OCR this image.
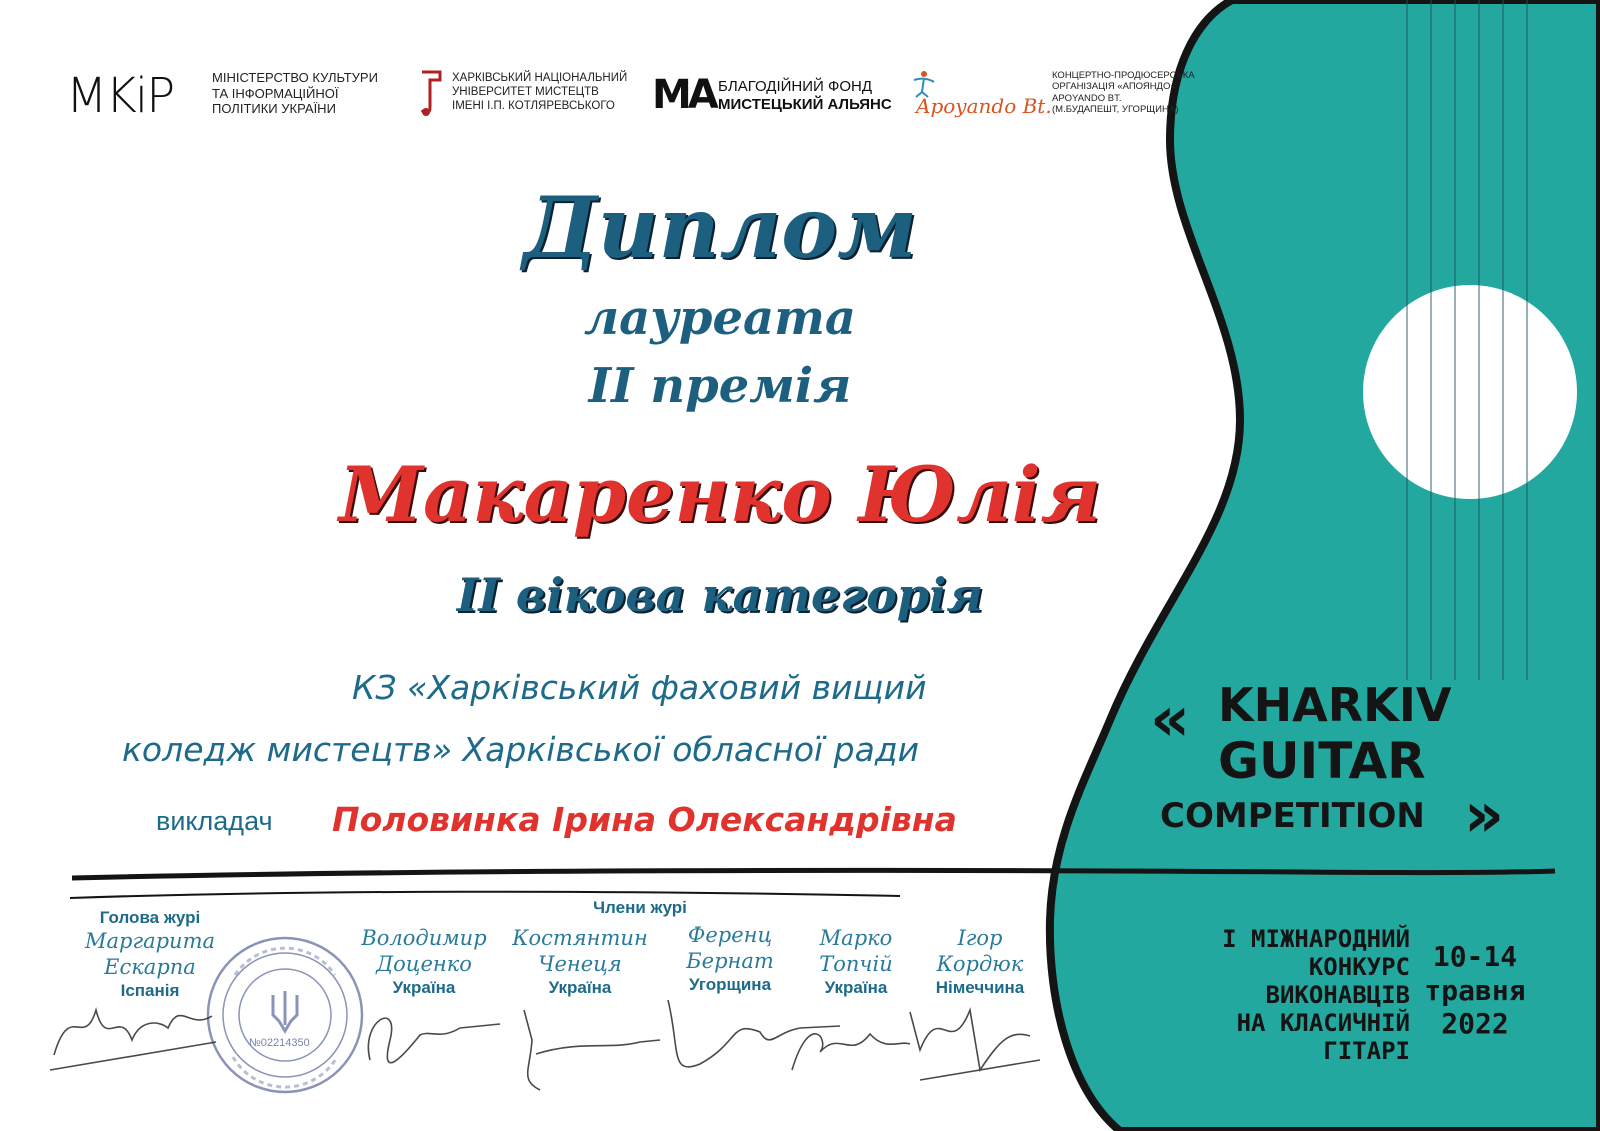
MKiP	МІНІСТЕРСТВО КУЛЬТУРИ
ТА ІНФОРМАЦІЙНОЇ
ПОЛІТИКИ УКРАЇНИ
ХАРКІВСЬКИЙ НАЦІОНАЛЬНИЙ
УНІВЕРСИТЕТ МИСТЕЦТВ
ІМЕНІ І.П. КОТЛЯРЕВСЬКОГО MA БЛАГОДІЙНИЙ ФОНД
МИСТЕЦЬКИЙ АЛЬЯНС Apoyando Bt.
КОНЦЕРТНО-ПРОДЮСЕРСЬКА
ОРГАНІЗАЦІЯ «АПОЯНДО»
APOYANDO BT.
(М.БУДАПЕШТ, УГОРЩИНА)
Диплом
лауреата
II премія
Макаренко Юлія
II вікова категорія
КЗ «Харківський фаховий вищий
коледж мистецтв» Харківської обласної ради
викладач Половинка Ірина Олександрівна
Члени журі
Голова журі
Маргарита
Ескарпа
Іспанія
Володимир
Доценко
Україна
Костянтин
Ченеця
Україна
Ференц
Бернат
Угорщина
Марко
Топчій
Україна
Ігор
Кордюк
Німеччина
№02214350
« KHARKIV
GUITAR
COMPETITION »
І МІЖНАРОДНИЙ
КОНКУРС
ВИКОНАВЦІВ
НА КЛАСИЧНІЙ
ГІТАРІ
10-14
травня
2022
